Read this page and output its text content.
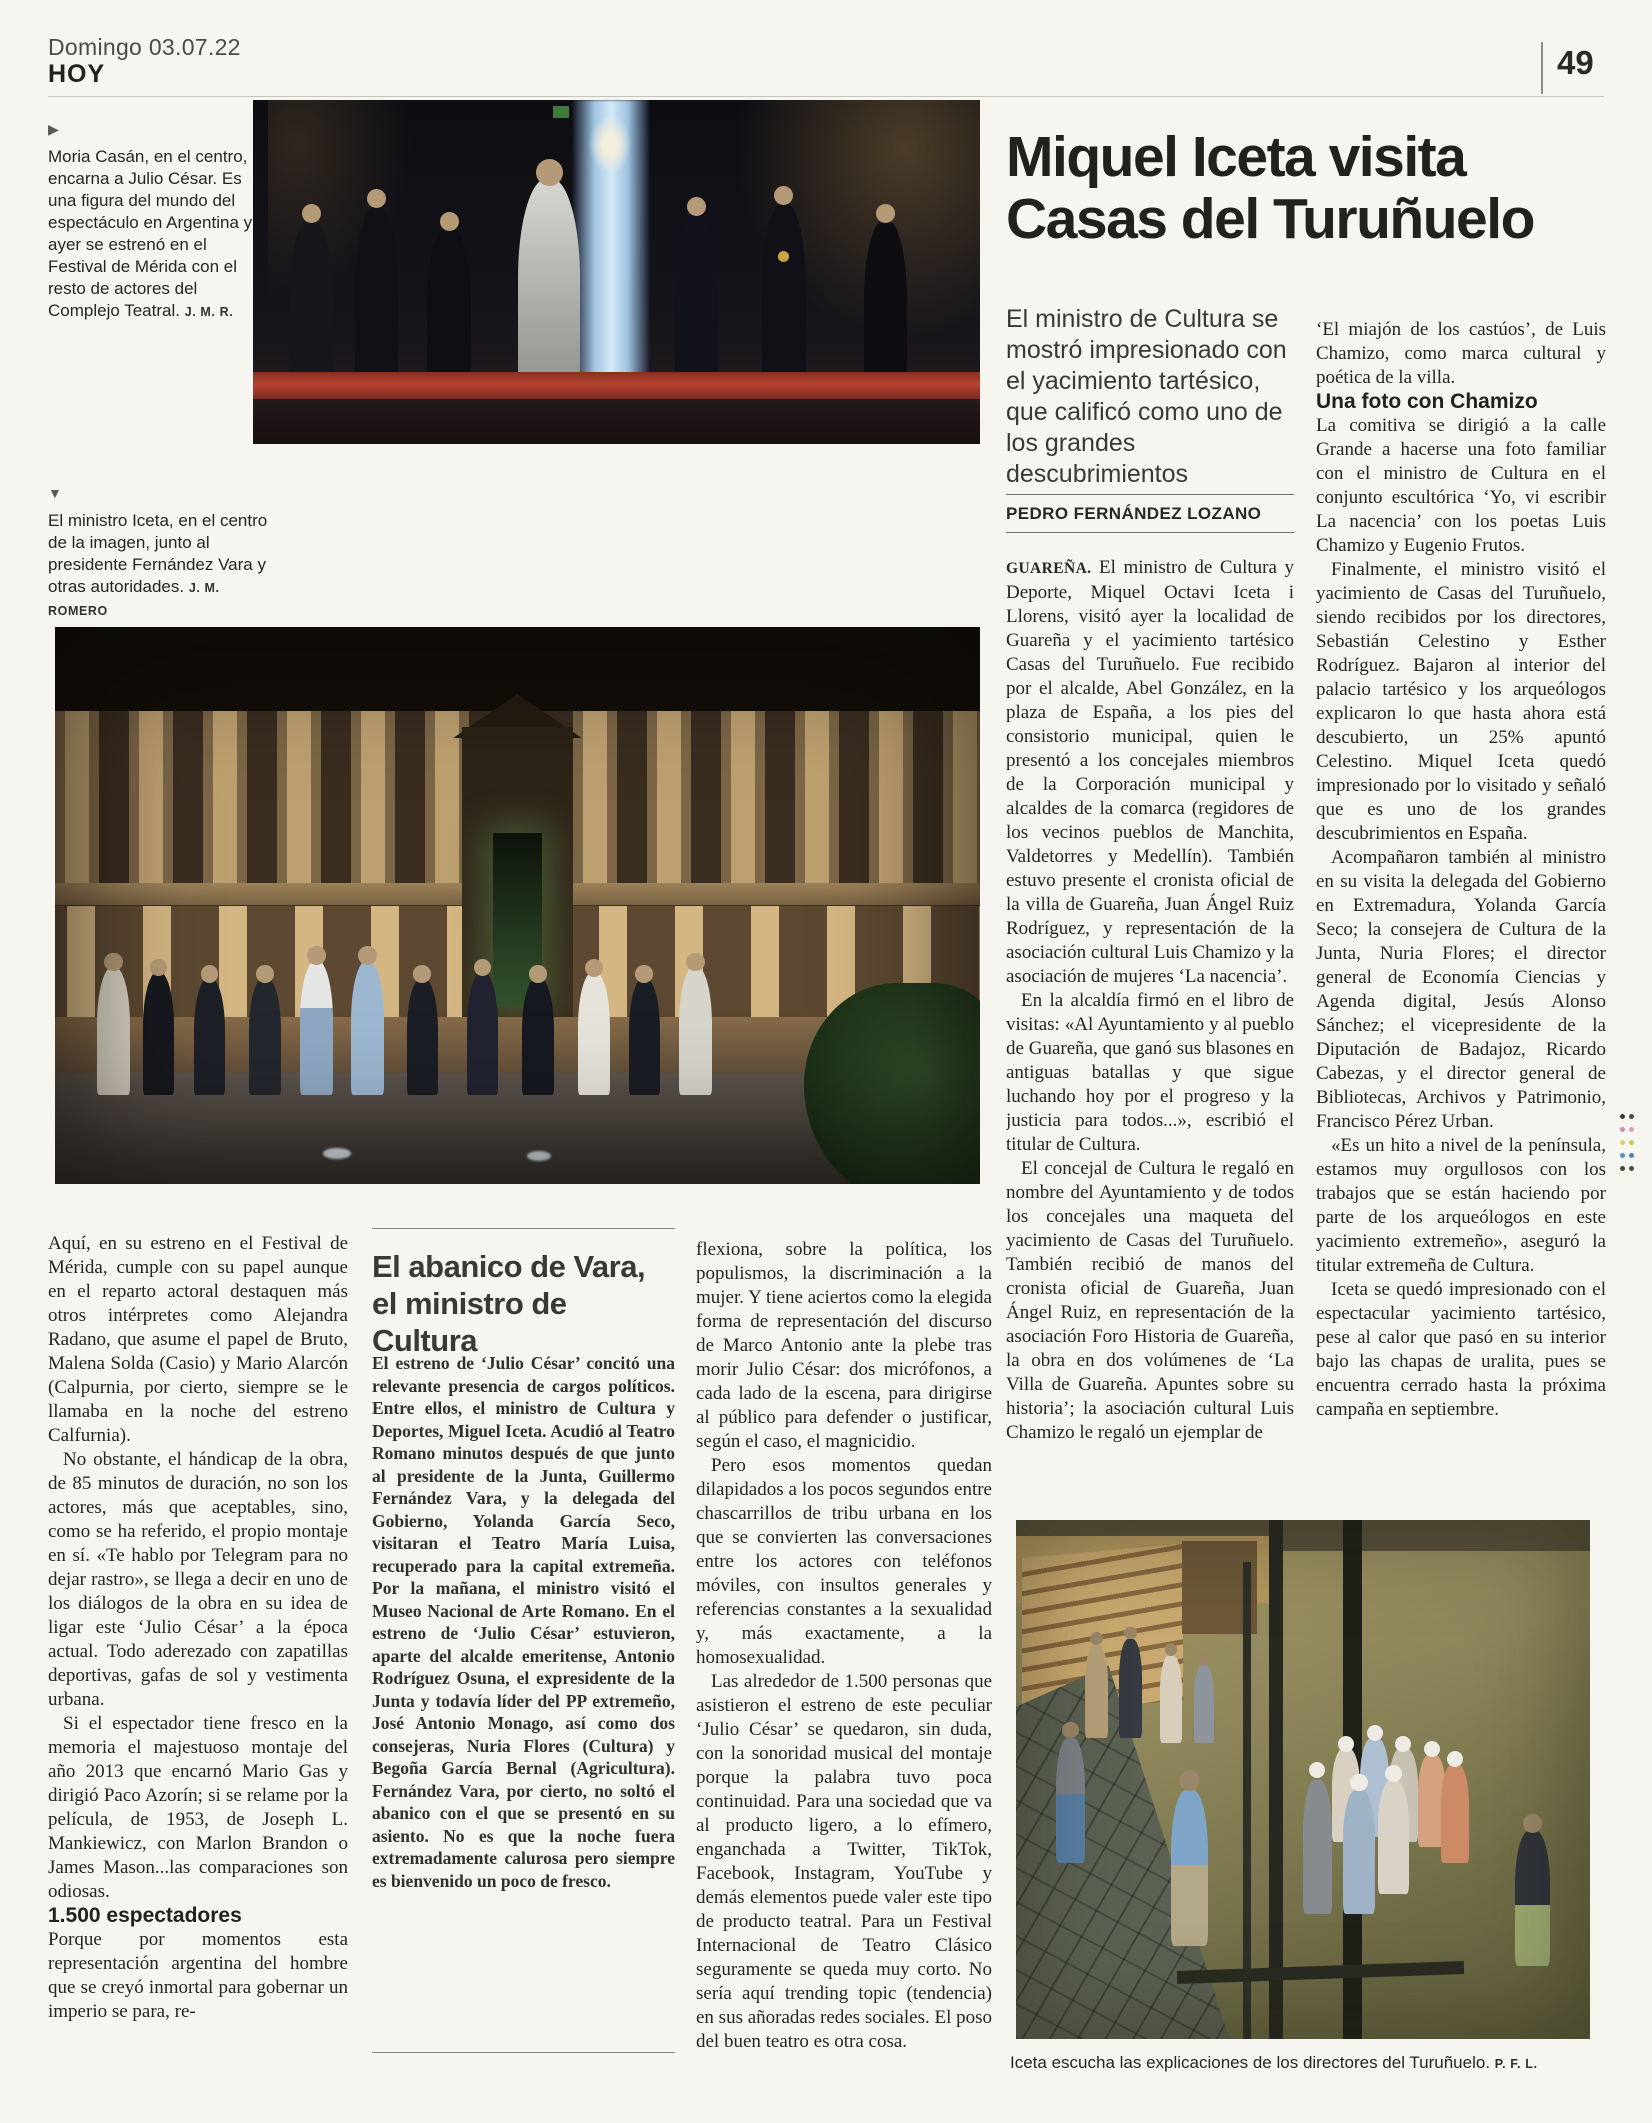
Domingo 03.07.22
HOY	49
▶
Moria Casán, en el centro, encarna a Julio César. Es una figura del mundo del espectáculo en Argentina y ayer se estrenó en el Festival de Mérida con el resto de actores del Complejo Teatral. J. M. R.
▼
El ministro Iceta, en el centro de la imagen, junto al presidente Fernández Vara y otras autoridades. J. M. ROMERO

Aquí, en su estreno en el Festival de Mérida, cumple con su papel aunque en el reparto actoral destaquen más otros intérpretes como Alejandra Radano, que asume el papel de Bruto, Malena Solda (Casio) y Mario Alarcón (Calpurnia, por cierto, siempre se le llamaba en la noche del estreno Calfurnia).

No obstante, el hándicap de la obra, de 85 minutos de duración, no son los actores, más que aceptables, sino, como se ha referido, el propio montaje en sí. «Te hablo por Telegram para no dejar rastro», se llega a decir en uno de los diálogos de la obra en su idea de ligar este ‘Julio César’ a la época actual. Todo aderezado con zapatillas deportivas, gafas de sol y vestimenta urbana.

Si el espectador tiene fresco en la memoria el majestuoso montaje del año 2013 que encarnó Mario Gas y dirigió Paco Azorín; si se relame por la película, de 1953, de Joseph L. Mankiewicz, con Marlon Brandon o James Mason...las comparaciones son odiosas.

1.500 espectadores

Porque por momentos esta representación argentina del hombre que se creyó inmortal para gobernar un imperio se para, re-

El abanico de Vara,
el ministro de Cultura
El estreno de ‘Julio César’ concitó una relevante presencia de cargos políticos. Entre ellos, el ministro de Cultura y Deportes, Miguel Iceta. Acudió al Teatro Romano minutos después de que junto al presidente de la Junta, Guillermo Fernández Vara, y la delegada del Gobierno, Yolanda García Seco, visitaran el Teatro María Luisa, recuperado para la capital extremeña. Por la mañana, el ministro visitó el Museo Nacional de Arte Romano. En el estreno de ‘Julio César’ estuvieron, aparte del alcalde emeritense, Antonio Rodríguez Osuna, el expresidente de la Junta y todavía líder del PP extremeño, José Antonio Monago, así como dos consejeras, Nuria Flores (Cultura) y Begoña García Bernal (Agricultura). Fernández Vara, por cierto, no soltó el abanico con el que se presentó en su asiento. No es que la noche fuera extremadamente calurosa pero siempre es bienvenido un poco de fresco.

flexiona, sobre la política, los populismos, la discriminación a la mujer. Y tiene aciertos como la elegida forma de representación del discurso de Marco Antonio ante la plebe tras morir Julio César: dos micrófonos, a cada lado de la escena, para dirigirse al público para defender o justificar, según el caso, el magnicidio.

Pero esos momentos quedan dilapidados a los pocos segundos entre chascarrillos de tribu urbana en los que se convierten las conversaciones entre los actores con teléfonos móviles, con insultos generales y referencias constantes a la sexualidad y, más exactamente, a la homosexualidad.

Las alrededor de 1.500 personas que asistieron el estreno de este peculiar ‘Julio César’ se quedaron, sin duda, con la sonoridad musical del montaje porque la palabra tuvo poca continuidad. Para una sociedad que va al producto ligero, a lo efímero, enganchada a Twitter, TikTok, Facebook, Instagram, YouTube y demás elementos puede valer este tipo de producto teatral. Para un Festival Internacional de Teatro Clásico seguramente se queda muy corto. No sería aquí trending topic (tendencia) en sus añoradas redes sociales. El poso del buen teatro es otra cosa.

Miquel Iceta visita
Casas del Turuñuelo
El ministro de Cultura se mostró impresionado con el yacimiento tartésico, que calificó como uno de los grandes descubrimientos
PEDRO FERNÁNDEZ LOZANO

GUAREÑA. El ministro de Cultura y Deporte, Miquel Octavi Iceta i Llorens, visitó ayer la localidad de Guareña y el yacimiento tartésico Casas del Turuñuelo. Fue recibido por el alcalde, Abel González, en la plaza de España, a los pies del consistorio municipal, quien le presentó a los concejales miembros de la Corporación municipal y alcaldes de la comarca (regidores de los vecinos pueblos de Manchita, Valdetorres y Medellín). También estuvo presente el cronista oficial de la villa de Guareña, Juan Ángel Ruiz Rodríguez, y representación de la asociación cultural Luis Chamizo y la asociación de mujeres ‘La nacencia’.

En la alcaldía firmó en el libro de visitas: «Al Ayuntamiento y al pueblo de Guareña, que ganó sus blasones en antiguas batallas y que sigue luchando hoy por el progreso y la justicia para todos...», escribió el titular de Cultura.

El concejal de Cultura le regaló en nombre del Ayuntamiento y de todos los concejales una maqueta del yacimiento de Casas del Turuñuelo. También recibió de manos del cronista oficial de Guareña, Juan Ángel Ruiz, en representación de la asociación Foro Historia de Guareña, la obra en dos volúmenes de ‘La Villa de Guareña. Apuntes sobre su historia’; la asociación cultural Luis Chamizo le regaló un ejemplar de

‘El miajón de los castúos’, de Luis Chamizo, como marca cultural y poética de la villa.

Una foto con Chamizo

La comitiva se dirigió a la calle Grande a hacerse una foto familiar con el ministro de Cultura en el conjunto escultórica ‘Yo, vi escribir La nacencia’ con los poetas Luis Chamizo y Eugenio Frutos.

Finalmente, el ministro visitó el yacimiento de Casas del Turuñuelo, siendo recibidos por los directores, Sebastián Celestino y Esther Rodríguez. Bajaron al interior del palacio tartésico y los arqueólogos explicaron lo que hasta ahora está descubierto, un 25% apuntó Celestino. Miquel Iceta quedó impresionado por lo visitado y señaló que es uno de los grandes descubrimientos en España.

Acompañaron también al ministro en su visita la delegada del Gobierno en Extremadura, Yolanda García Seco; la consejera de Cultura de la Junta, Nuria Flores; el director general de Economía Ciencias y Agenda digital, Jesús Alonso Sánchez; el vicepresidente de la Diputación de Badajoz, Ricardo Cabezas, y el director general de Bibliotecas, Archivos y Patrimonio, Francisco Pérez Urban.

«Es un hito a nivel de la península, estamos muy orgullosos con los trabajos que se están haciendo por parte de los arqueólogos en este yacimiento extremeño», aseguró la titular extremeña de Cultura.

Iceta se quedó impresionado con el espectacular yacimiento tartésico, pese al calor que pasó en su interior bajo las chapas de uralita, pues se encuentra cerrado hasta la próxima campaña en septiembre.

Iceta escucha las explicaciones de los directores del Turuñuelo. P. F. L.
